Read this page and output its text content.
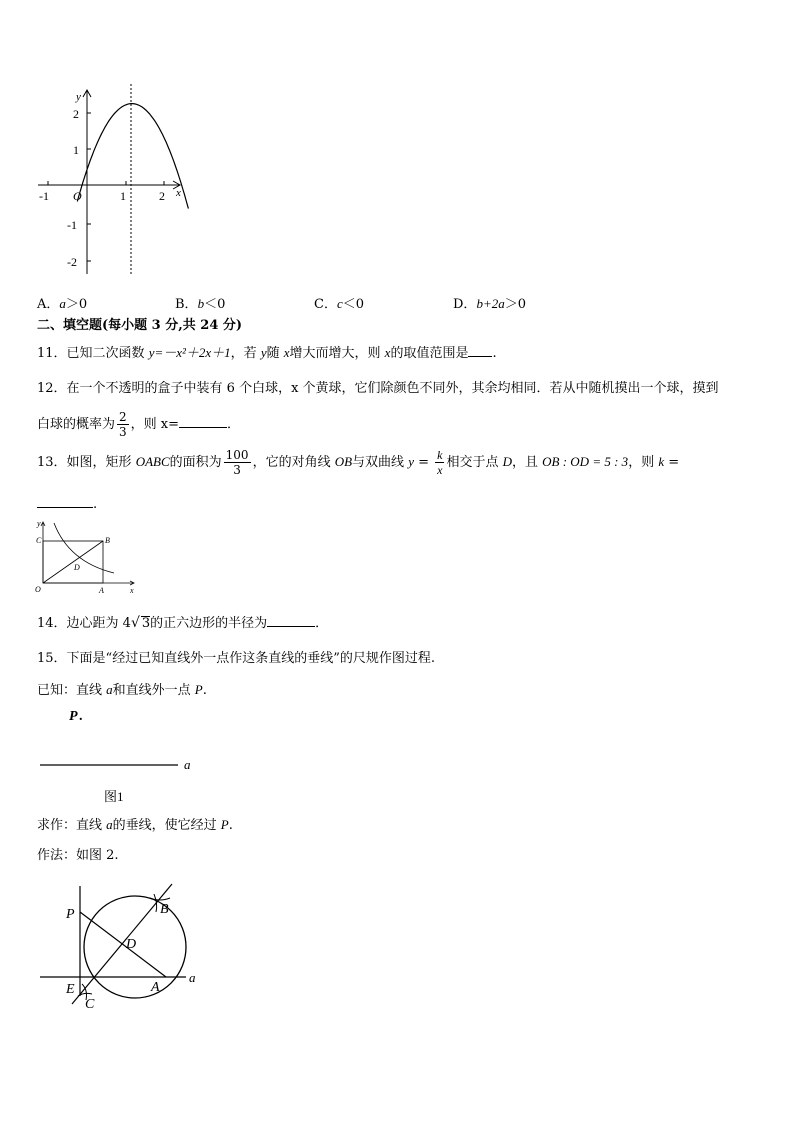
y
x
O
-1	1	2
2
1
-1
-2
A．a＞0	B．b＜0	C．c＜0	D．b+2a＞0
二、填空题(每小题 3 分,共 24 分)
11．已知二次函数 y=－x²＋2x＋1，若 y随 x增大而增大，则 x的取值范围是 .
12．在一个不透明的盒子中装有 6 个白球，x 个黄球，它们除颜色不同外，其余均相同．若从中随机摸出一个球，摸到
白球的概率为 $\frac{2}{3}$ ，则 x=	．
13．如图，矩形 OABC的面积为 $\frac{100}{3}$ ，它的对角线 OB与双曲线 $y = \frac{k}{x}$ 相交于点 D，且 OB : OD = 5 : 3，则 k =
.
y
x
O	A
B
C
D
14．边心距为 4√ 3的正六边形的半径为	．
15．下面是“经过已知直线外一点作这条直线的垂线”的尺规作图过程.
已知：直线 a和直线外一点 P.
P .
a
图1
求作：直线 a的垂线，使它经过 P.
作法：如图 2.
a
P	B
D
E
C
A
